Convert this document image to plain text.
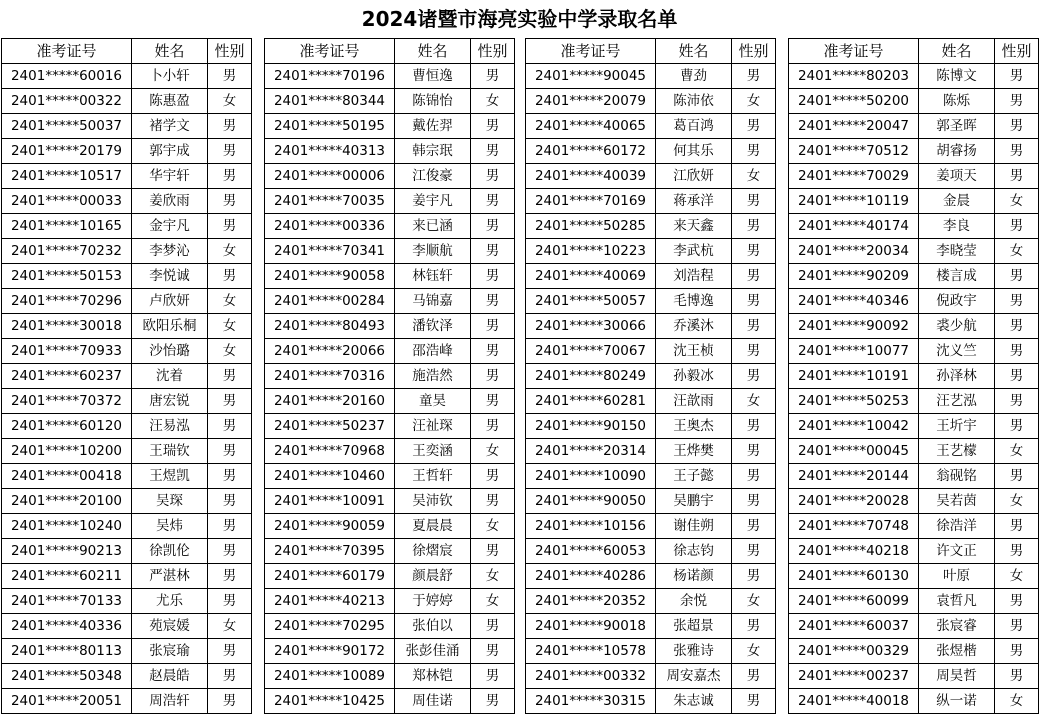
2024诸暨市海亮实验中学录取名单
准考证号	姓名	性别
2401*****60016	卜小轩	男
2401*****00322	陈惠盈	女
2401*****50037	褚学文	男
2401*****20179	郭宇成	男
2401*****10517	华宇轩	男
2401*****00033	姜欣雨	男
2401*****10165	金宇凡	男
2401*****70232	李梦沁	女
2401*****50153	李悦诚	男
2401*****70296	卢欣妍	女
2401*****30018	欧阳乐桐	女
2401*****70933	沙怡璐	女
2401*****60237	沈着	男
2401*****70372	唐宏锐	男
2401*****60120	汪易泓	男
2401*****10200	王瑞钦	男
2401*****00418	王煜凯	男
2401*****20100	吴琛	男
2401*****10240	吴炜	男
2401*****90213	徐凯伦	男
2401*****60211	严湛林	男
2401*****70133	尤乐	男
2401*****40336	苑宸媛	女
2401*****80113	张宸瑜	男
2401*****50348	赵晨皓	男
2401*****20051	周浩轩	男
准考证号	姓名	性别
2401*****70196	曹恒逸	男
2401*****80344	陈锦怡	女
2401*****50195	戴佐羿	男
2401*****40313	韩宗珉	男
2401*****00006	江俊豪	男
2401*****70035	姜宇凡	男
2401*****00336	来已涵	男
2401*****70341	李顺航	男
2401*****90058	林钰轩	男
2401*****00284	马锦嘉	男
2401*****80493	潘钦泽	男
2401*****20066	邵浩峰	男
2401*****70316	施浩然	男
2401*****20160	童昊	男
2401*****50237	汪祉琛	男
2401*****70968	王奕涵	女
2401*****10460	王哲轩	男
2401*****10091	吴沛钦	男
2401*****90059	夏晨晨	女
2401*****70395	徐熠宸	男
2401*****60179	颜晨舒	女
2401*****40213	于婷婷	女
2401*****70295	张伯以	男
2401*****90172	张彭佳涌	男
2401*****10089	郑林铠	男
2401*****10425	周佳诺	男
准考证号	姓名	性别
2401*****90045	曹劲	男
2401*****20079	陈沛依	女
2401*****40065	葛百鸿	男
2401*****60172	何其乐	男
2401*****40039	江欣妍	女
2401*****70169	蒋承洋	男
2401*****50285	来天鑫	男
2401*****10223	李武杭	男
2401*****40069	刘浩程	男
2401*****50057	毛博逸	男
2401*****30066	乔溪沐	男
2401*****70067	沈王桢	男
2401*****80249	孙毅冰	男
2401*****60281	汪歆雨	女
2401*****90150	王奥杰	男
2401*****20314	王烨樊	男
2401*****10090	王子懿	男
2401*****90050	吴鹏宇	男
2401*****10156	谢佳朔	男
2401*****60053	徐志钧	男
2401*****40286	杨诺颜	男
2401*****20352	余悦	女
2401*****90018	张超景	男
2401*****10578	张雅诗	女
2401*****00332	周安嘉杰	男
2401*****30315	朱志诚	男
准考证号	姓名	性别
2401*****80203	陈博文	男
2401*****50200	陈烁	男
2401*****20047	郭圣晖	男
2401*****70512	胡睿扬	男
2401*****70029	姜项天	男
2401*****10119	金晨	女
2401*****40174	李良	男
2401*****20034	李晓莹	女
2401*****90209	楼言成	男
2401*****40346	倪政宇	男
2401*****90092	裘少航	男
2401*****10077	沈义竺	男
2401*****10191	孙泽林	男
2401*****50253	汪艺泓	男
2401*****10042	王圻宇	男
2401*****00045	王艺檬	女
2401*****20144	翁砚铭	男
2401*****20028	吴若茵	女
2401*****70748	徐浩洋	男
2401*****40218	许文正	男
2401*****60130	叶原	女
2401*****60099	袁哲凡	男
2401*****60037	张宸睿	男
2401*****00329	张煜楷	男
2401*****00237	周昊哲	男
2401*****40018	纵一诺	女
